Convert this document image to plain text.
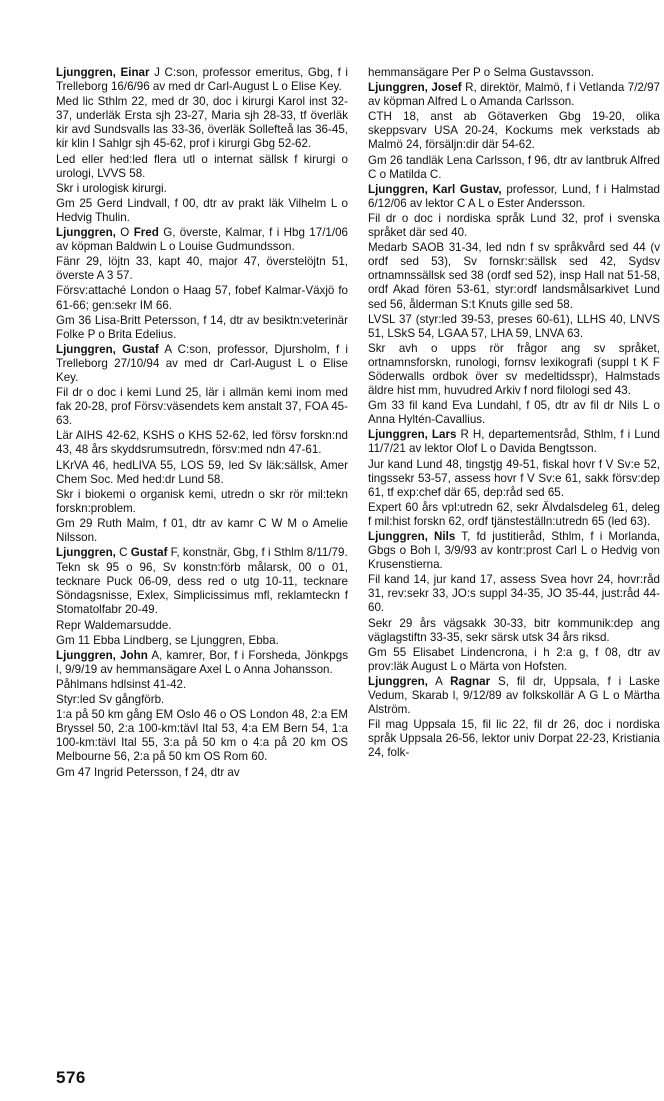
Ljunggren, Einar J C:son, professor emeritus, Gbg, f i Trelleborg 16/6/96 av med dr Carl-August L o Elise Key.

Med lic Sthlm 22, med dr 30, doc i kirurgi Karol inst 32-37, underläk Ersta sjh 23-27, Maria sjh 28-33, tf överläk kir avd Sundsvalls las 33-36, överläk Sollefteå las 36-45, kir klin I Sahlgr sjh 45-62, prof i kirurgi Gbg 52-62.

Led eller hed:led flera utl o internat sällsk f kirurgi o urologi, LVVS 58.

Skr i urologisk kirurgi.

Gm 25 Gerd Lindvall, f 00, dtr av prakt läk Vilhelm L o Hedvig Thulin.

Ljunggren, O Fred G, överste, Kalmar, f i Hbg 17/1/06 av köpman Baldwin L o Louise Gudmundsson.

Fänr 29, löjtn 33, kapt 40, major 47, överstelöjtn 51, överste A 3 57.

Försv:attaché London o Haag 57, fobef Kalmar-Växjö fo 61-66; gen:sekr IM 66.

Gm 36 Lisa-Britt Petersson, f 14, dtr av besiktn:veterinär Folke P o Brita Edelius.

Ljunggren, Gustaf A C:son, professor, Djursholm, f i Trelleborg 27/10/94 av med dr Carl-August L o Elise Key.

Fil dr o doc i kemi Lund 25, lär i allmän kemi inom med fak 20-28, prof Försv:väsendets kem anstalt 37, FOA 45-63.

Lär AIHS 42-62, KSHS o KHS 52-62, led försv forskn:nd 43, 48 års skyddsrumsutredn, försv:med ndn 47-61.

LKrVA 46, hedLIVA 55, LOS 59, led Sv läk:sällsk, Amer Chem Soc. Med hed:dr Lund 58.

Skr i biokemi o organisk kemi, utredn o skr rör mil:tekn forskn:problem.

Gm 29 Ruth Malm, f 01, dtr av kamr C W M o Amelie Nilsson.

Ljunggren, C Gustaf F, konstnär, Gbg, f i Sthlm 8/11/79.

Tekn sk 95 o 96, Sv konstn:förb målarsk, 00 o 01, tecknare Puck 06-09, dess red o utg 10-11, tecknare Söndagsnisse, Exlex, Simplicissimus mfl, reklamteckn f Stomatolfabr 20-49.

Repr Waldemarsudde.

Gm 11 Ebba Lindberg, se Ljunggren, Ebba.

Ljunggren, John A, kamrer, Bor, f i Forsheda, Jönkpgs l, 9/9/19 av hemmansägare Axel L o Anna Johansson.

Påhlmans hdlsinst 41-42.

Styr:led Sv gångförb.

1:a på 50 km gång EM Oslo 46 o OS London 48, 2:a EM Bryssel 50, 2:a 100-km:tävl Ital 53, 4:a EM Bern 54, 1:a 100-km:tävl Ital 55, 3:a på 50 km o 4:a på 20 km OS Melbourne 56, 2:a på 50 km OS Rom 60.

Gm 47 Ingrid Petersson, f 24, dtr av

hemmansägare Per P o Selma Gustavsson.

Ljunggren, Josef R, direktör, Malmö, f i Vetlanda 7/2/97 av köpman Alfred L o Amanda Carlsson.

CTH 18, anst ab Götaverken Gbg 19-20, olika skeppsvarv USA 20-24, Kockums mek verkstads ab Malmö 24, försäljn:dir där 54-62.

Gm 26 tandläk Lena Carlsson, f 96, dtr av lantbruk Alfred C o Matilda C.

Ljunggren, Karl Gustav, professor, Lund, f i Halmstad 6/12/06 av lektor C A L o Ester Andersson.

Fil dr o doc i nordiska språk Lund 32, prof i svenska språket där sed 40.

Medarb SAOB 31-34, led ndn f sv språkvård sed 44 (v ordf sed 53), Sv fornskr:sällsk sed 42, Sydsv ortnamnssällsk sed 38 (ordf sed 52), insp Hall nat 51-58, ordf Akad fören 53-61, styr:ordf landsmålsarkivet Lund sed 56, ålderman S:t Knuts gille sed 58.

LVSL 37 (styr:led 39-53, preses 60-61), LLHS 40, LNVS 51, LSkS 54, LGAA 57, LHA 59, LNVA 63.

Skr avh o upps rör frågor ang sv språket, ortnamnsforskn, runologi, fornsv lexikografi (suppl t K F Söderwalls ordbok över sv medeltidsspr), Halmstads äldre hist mm, huvudred Arkiv f nord filologi sed 43.

Gm 33 fil kand Eva Lundahl, f 05, dtr av fil dr Nils L o Anna Hyltén-Cavallius.

Ljunggren, Lars R H, departementsråd, Sthlm, f i Lund 11/7/21 av lektor Olof L o Davida Bengtsson.

Jur kand Lund 48, tingstjg 49-51, fiskal hovr f V Sv:e 52, tingssekr 53-57, assess hovr f V Sv:e 61, sakk försv:dep 61, tf exp:chef där 65, dep:råd sed 65.

Expert 60 års vpl:utredn 62, sekr Älvdalsdeleg 61, deleg f mil:hist forskn 62, ordf tjänsteställn:utredn 65 (led 63).

Ljunggren, Nils T, fd justitieråd, Sthlm, f i Morlanda, Gbgs o Boh l, 3/9/93 av kontr:prost Carl L o Hedvig von Krusenstierna.

Fil kand 14, jur kand 17, assess Svea hovr 24, hovr:råd 31, rev:sekr 33, JO:s suppl 34-35, JO 35-44, just:råd 44-60.

Sekr 29 års vägsakk 30-33, bitr kommunik:dep ang väglagstiftn 33-35, sekr särsk utsk 34 års riksd.

Gm 55 Elisabet Lindencrona, i h 2:a g, f 08, dtr av prov:läk August L o Märta von Hofsten.

Ljunggren, A Ragnar S, fil dr, Uppsala, f i Laske Vedum, Skarab l, 9/12/89 av folkskollär A G L o Märtha Alström.

Fil mag Uppsala 15, fil lic 22, fil dr 26, doc i nordiska språk Uppsala 26-56, lektor univ Dorpat 22-23, Kristiania 24, folk-

576
